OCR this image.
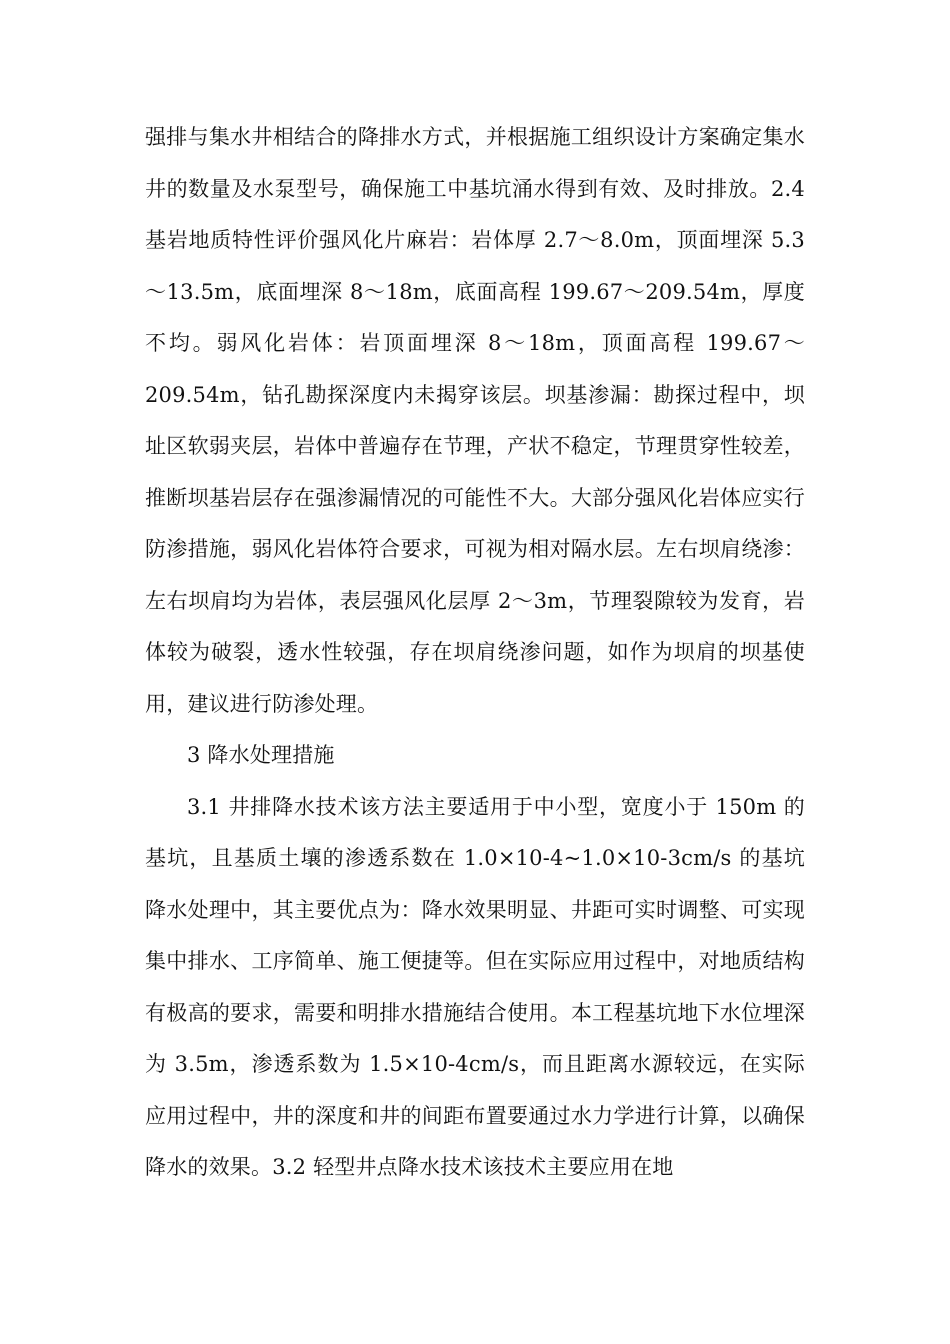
强排与集水井相结合的降排水方式，并根据施工组织设计方案确定集水井的数量及水泵型号，确保施工中基坑涌水得到有效、及时排放。2.4 基岩地质特性评价强风化片麻岩：岩体厚 2.7～8.0m，顶面埋深 5.3～13.5m，底面埋深 8～18m，底面高程 199.67～209.54m，厚度不均。弱风化岩体：岩顶面埋深 8～18m，顶面高程 199.67～209.54m，钻孔勘探深度内未揭穿该层。坝基渗漏：勘探过程中，坝址区软弱夹层，岩体中普遍存在节理，产状不稳定，节理贯穿性较差，推断坝基岩层存在强渗漏情况的可能性不大。大部分强风化岩体应实行防渗措施，弱风化岩体符合要求，可视为相对隔水层。左右坝肩绕渗：左右坝肩均为岩体，表层强风化层厚 2～3m，节理裂隙较为发育，岩体较为破裂，透水性较强，存在坝肩绕渗问题，如作为坝肩的坝基使用，建议进行防渗处理。

3 降水处理措施

3.1 井排降水技术该方法主要适用于中小型，宽度小于 150m 的基坑，且基质土壤的渗透系数在 1.0×10-4~1.0×10-3cm/s 的基坑降水处理中，其主要优点为：降水效果明显、井距可实时调整、可实现集中排水、工序简单、施工便捷等。但在实际应用过程中，对地质结构有极高的要求，需要和明排水措施结合使用。本工程基坑地下水位埋深为 3.5m，渗透系数为 1.5×10-4cm/s，而且距离水源较远，在实际应用过程中，井的深度和井的间距布置要通过水力学进行计算，以确保降水的效果。3.2 轻型井点降水技术该技术主要应用在地
